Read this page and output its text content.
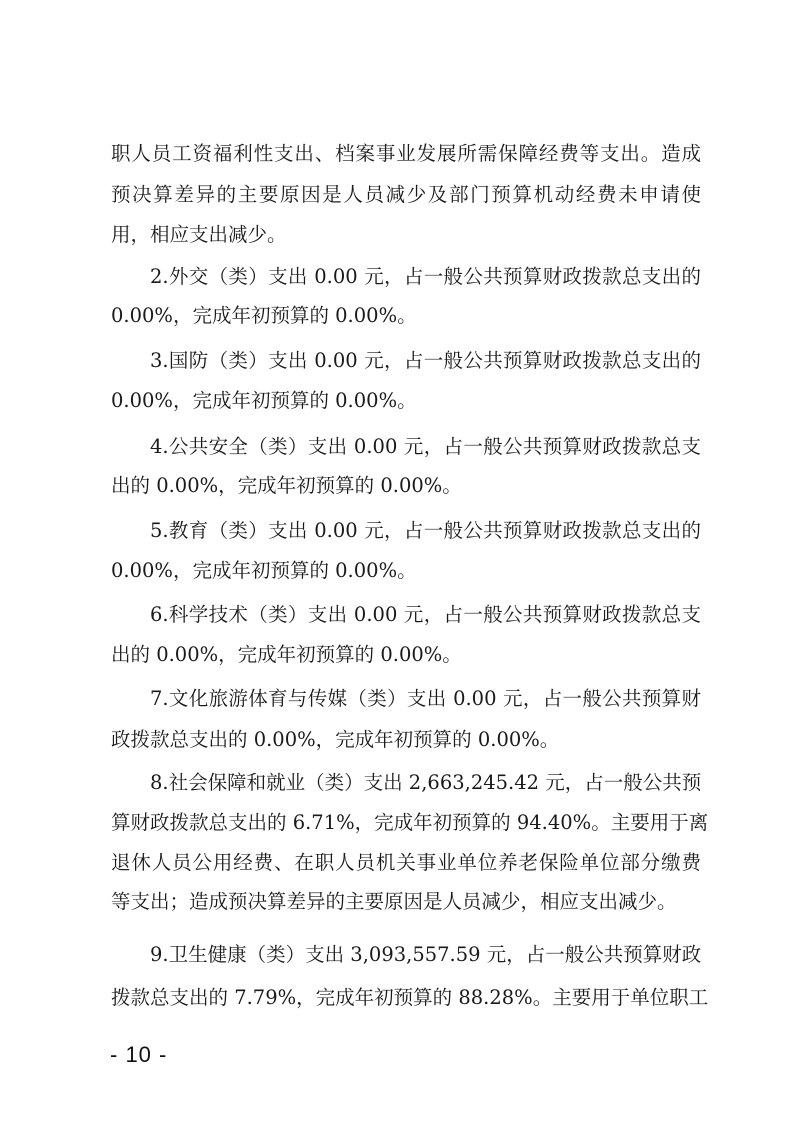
职人员工资福利性支出、档案事业发展所需保障经费等支出。造成
预决算差异的主要原因是人员减少及部门预算机动经费未申请使
用，相应支出减少。
2.外交（类）支出 0.00 元，占一般公共预算财政拨款总支出的
0.00%，完成年初预算的 0.00%。
3.国防（类）支出 0.00 元，占一般公共预算财政拨款总支出的
0.00%，完成年初预算的 0.00%。
4.公共安全（类）支出 0.00 元，占一般公共预算财政拨款总支
出的 0.00%，完成年初预算的 0.00%。
5.教育（类）支出 0.00 元，占一般公共预算财政拨款总支出的
0.00%，完成年初预算的 0.00%。
6.科学技术（类）支出 0.00 元，占一般公共预算财政拨款总支
出的 0.00%，完成年初预算的 0.00%。
7.文化旅游体育与传媒（类）支出 0.00 元，占一般公共预算财
政拨款总支出的 0.00%，完成年初预算的 0.00%。
8.社会保障和就业（类）支出 2,663,245.42 元，占一般公共预
算财政拨款总支出的 6.71%，完成年初预算的 94.40%。主要用于离
退休人员公用经费、在职人员机关事业单位养老保险单位部分缴费
等支出；造成预决算差异的主要原因是人员减少，相应支出减少。
9.卫生健康（类）支出 3,093,557.59 元，占一般公共预算财政
拨款总支出的 7.79%，完成年初预算的 88.28%。主要用于单位职工
- 10 -
